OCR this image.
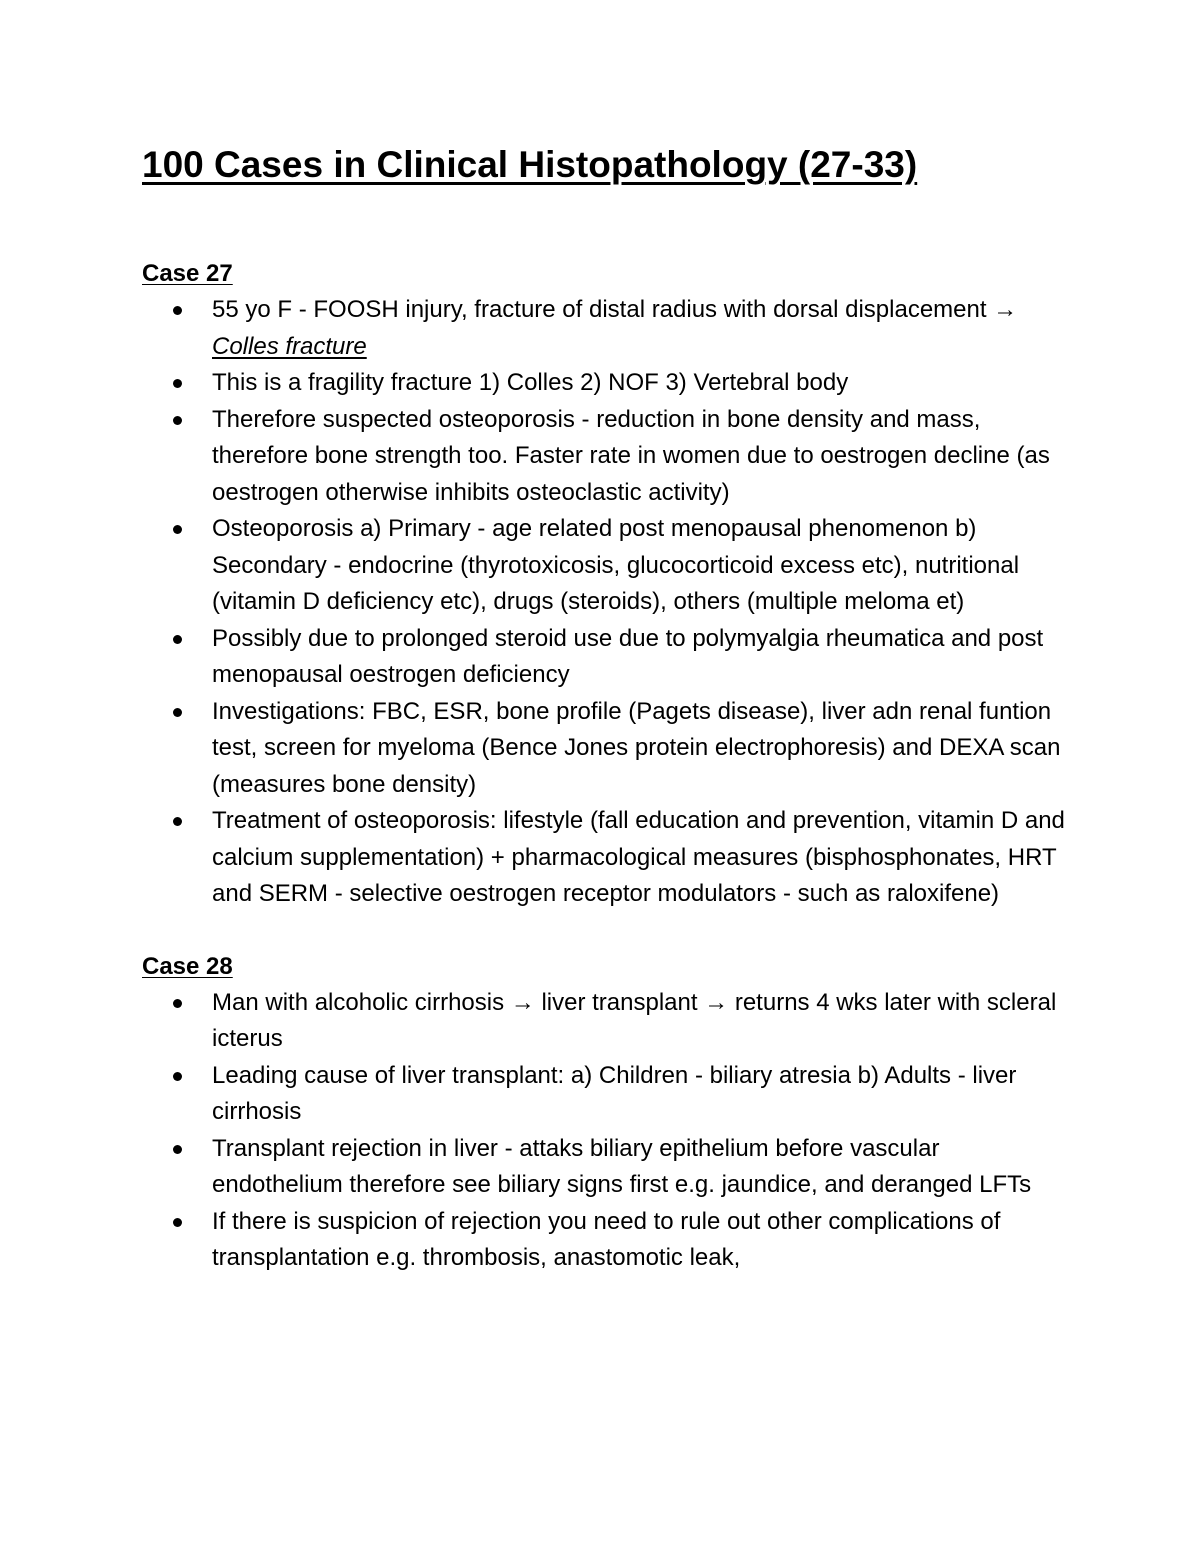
100 Cases in Clinical Histopathology (27-33)
Case 27
55 yo F - FOOSH injury, fracture of distal radius with dorsal displacement → Colles fracture
This is a fragility fracture 1) Colles 2) NOF 3) Vertebral body
Therefore suspected osteoporosis - reduction in bone density and mass, therefore bone strength too. Faster rate in women due to oestrogen decline (as oestrogen otherwise inhibits osteoclastic activity)
Osteoporosis a) Primary - age related post menopausal phenomenon b) Secondary - endocrine (thyrotoxicosis, glucocorticoid excess etc), nutritional (vitamin D deficiency etc), drugs (steroids), others (multiple meloma et)
Possibly due to prolonged steroid use due to polymyalgia rheumatica and post menopausal oestrogen deficiency
Investigations: FBC, ESR, bone profile (Pagets disease), liver adn renal funtion test, screen for myeloma (Bence Jones protein electrophoresis) and DEXA scan (measures bone density)
Treatment of osteoporosis: lifestyle (fall education and prevention, vitamin D and calcium supplementation) + pharmacological measures (bisphosphonates, HRT and SERM - selective oestrogen receptor modulators - such as raloxifene)
Case 28
Man with alcoholic cirrhosis → liver transplant → returns 4 wks later with scleral icterus
Leading cause of liver transplant: a) Children - biliary atresia b) Adults - liver cirrhosis
Transplant rejection in liver - attaks biliary epithelium before vascular endothelium therefore see biliary signs first e.g. jaundice, and deranged LFTs
If there is suspicion of rejection you need to rule out other complications of transplantation e.g. thrombosis, anastomotic leak,
